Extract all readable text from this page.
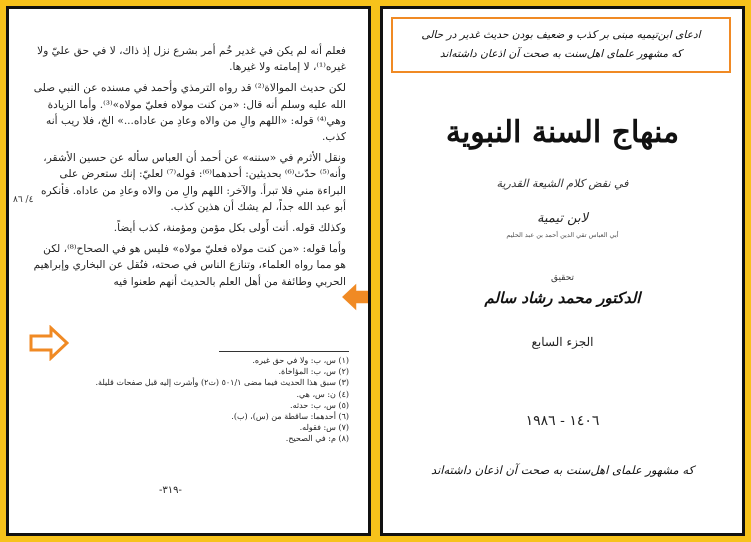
فعلم أنه لم يكن في غدير خُم أمر بشرع نزل إذ ذاك، لا في حق عليّ ولا غيره⁽¹⁾، لا إمامته ولا غيرها.

لكن حديث الموالاة⁽²⁾ قد رواه الترمذي وأحمد في مسنده عن النبي صلى الله عليه وسلم أنه قال: «من كنت مولاه فعليّ مولاه»⁽³⁾. وأما الزيادة وهي⁽⁴⁾ قوله: «اللهم والِ من والاه وعادِ من عاداه...» الخ، فلا ريب أنه كذب.

ونقل الأثرم في «سننه» عن أحمد أن العباس سأله عن حسين الأشقر، وأنه⁽⁵⁾ حدّث⁽⁶⁾ بحديثين: أحدهما⁽⁶⁾: قوله⁽⁷⁾ لعليّ: إنك ستعرض على البراءة مني فلا تبرأ. والآخر: اللهم والِ من والاه وعادِ من عاداه. فأنكره أبو عبد الله جداً، لم يشك أن هذين كذب.

وكذلك قوله. أنت أَولى بكل مؤمن ومؤمنة، كذب أيضاً.

وأما قوله: «من كنت مولاه فعليّ مولاه» فليس هو في الصحاح⁽⁸⁾، لكن هو مما رواه العلماء، وتنازع الناس في صحته، فنُقل عن البخاري وإبراهيم الحربي وطائفة من أهل العلم بالحديث أنهم طعنوا فيه

٤/ ٨٦
(١) س، ب: ولا في حق غيره.
(٢) س، ب: المؤاخاة.
(٣) سبق هذا الحديث فيما مضى ٥٠١/١ (ت٢) وأشرت إليه قبل صفحات قليلة.
(٤) ن: س، هي.
(٥) س، ب: حدثه.
(٦) أحدهما: ساقطة من (س)، (ب).
(٧) س: فقوله.
(٨) م: في الصحيح.
-٣١٩-
ادعای ابن‌تیمیه مبنی بر کذب و ضعیف بودن حدیث غدیر در حالی
که مشهور علمای اهل‌سنت به صحت آن اذعان داشته‌اند
منهاج السنة النبوية
في نقض كلام الشيعة القدرية
لابن تيمية
أبي العباس تقي الدين أحمد بن عبد الحليم
تحقيق
الدكتور محمد رشاد سالم
الجزء السابع
١٤٠٦ - ١٩٨٦
که مشهور علمای اهل‌سنت به صحت آن اذعان داشته‌اند
